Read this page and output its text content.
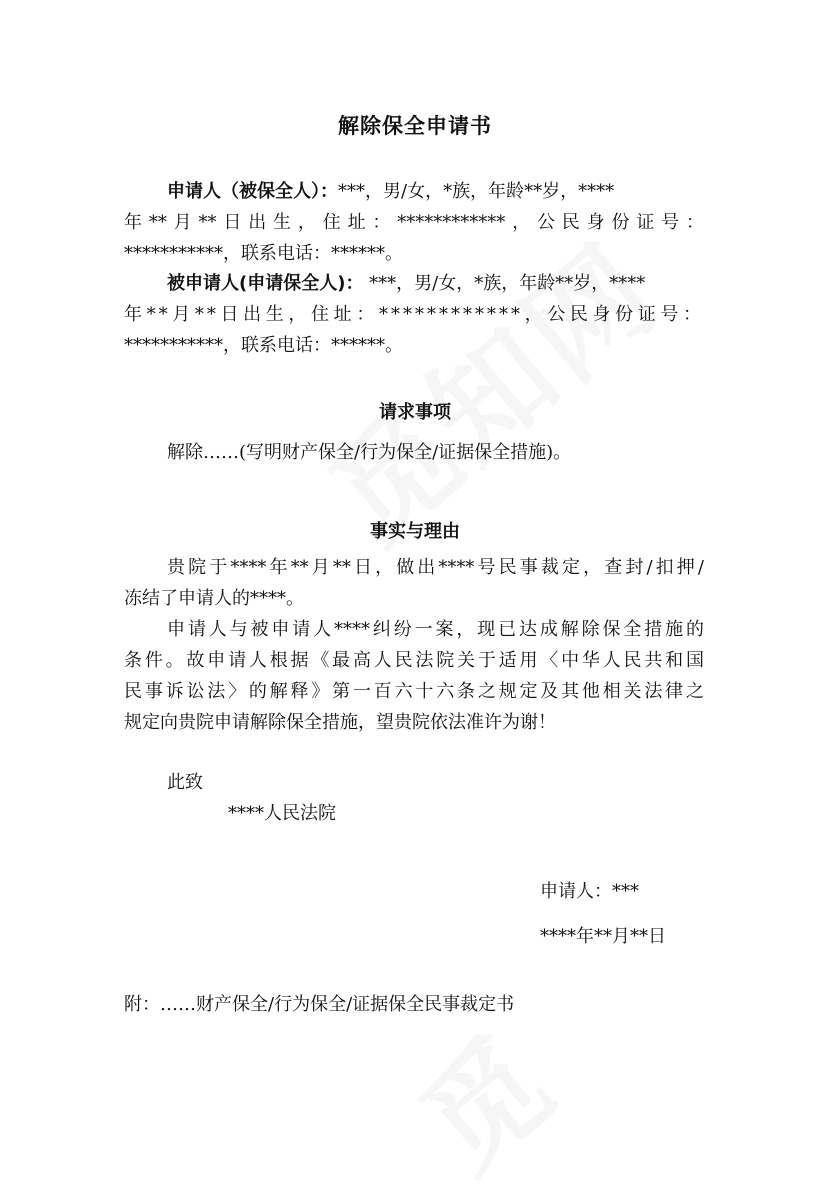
解除保全申请书
申请人（被保全人）：***，男/女，*族，年龄**岁，****
年**月**日出生，住址：************，公民身份证号：
***********，联系电话：******。
被申请人(申请保全人)： ***，男/女，*族，年龄**岁，****
年**月**日出生，住址：************，公民身份证号：
***********，联系电话：******。
请求事项
解除……(写明财产保全/行为保全/证据保全措施)。
事实与理由
贵院于****年**月**日，做出****号民事裁定，查封/扣押/
冻结了申请人的****。
申请人与被申请人****纠纷一案，现已达成解除保全措施的
条件。故申请人根据《最高人民法院关于适用〈中华人民共和国
民事诉讼法〉的解释》第一百六十六条之规定及其他相关法律之
规定向贵院申请解除保全措施，望贵院依法准许为谢！
此致
****人民法院
申请人：***
****年**月**日
附：……财产保全/行为保全/证据保全民事裁定书
